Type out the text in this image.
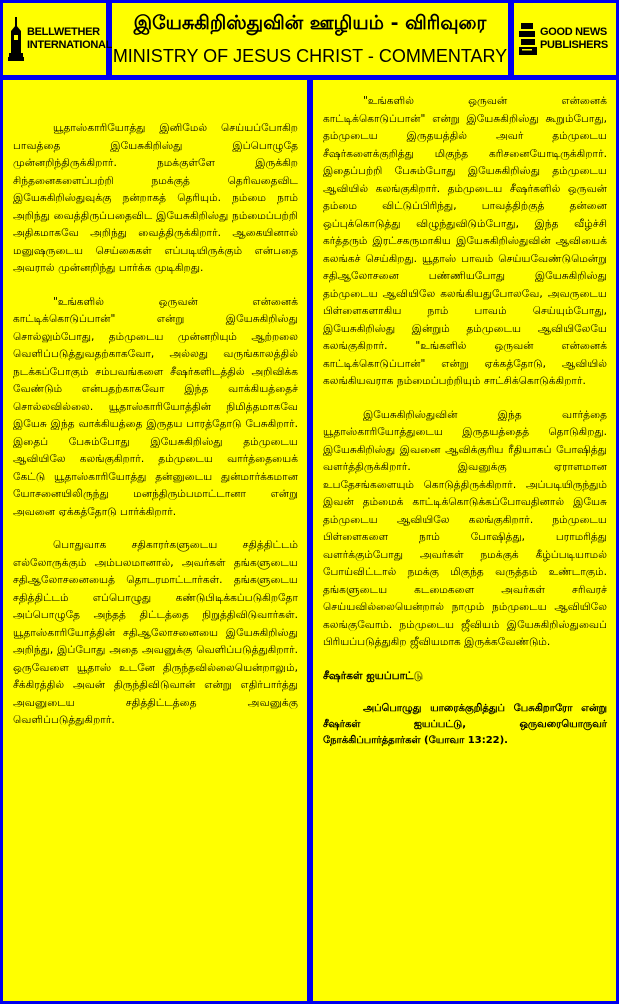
BELLWETHER
INTERNATIONAL
இயேசுகிறிஸ்துவின் ஊழியம் - விரிவுரை
MINISTRY OF JESUS CHRIST - COMMENTARY
GOOD NEWS
PUBLISHERS

யூதாஸ்காரியோத்து இனிமேல் செய்யப்போகிற பாவத்தை இயேசுகிறிஸ்து இப்பொழுதே முன்னறிந்திருக்கிறார். நமக்குள்ளே இருக்கிற சிந்தனைகளைப்பற்றி நமக்குத் தெரிவதைவிட இயேசுகிறிஸ்துவுக்கு நன்றாகத் தெரியும். நம்மை நாம் அறிந்து வைத்திருப்பதைவிட இயேசுகிறிஸ்து நம்மைப்பற்றி அதிகமாகவே அறிந்து வைத்திருக்கிறார். ஆகையினால் மனுஷருடைய செய்கைகள் எப்படியிருக்கும் என்பதை அவரால் முன்னறிந்து பார்க்க முடிகிறது.

"உங்களில் ஒருவன் என்னைக் காட்டிக்கொடுப்பான்" என்று இயேசுகிறிஸ்து சொல்லும்போது, தம்முடைய முன்னறியும் ஆற்றலை வெளிப்படுத்துவதற்காகவோ, அல்லது வருங்காலத்தில் நடக்கப்போகும் சம்பவங்களை சீஷர்களிடத்தில் அறிவிக்க வேண்டும் என்பதற்காகவோ இந்த வாக்கியத்தைச் சொல்லவில்லை. யூதாஸ்காரியோத்தின் நிமித்தமாகவே இயேசு இந்த வாக்கியத்தை இருதய பாரத்தோடு பேசுகிறார். இதைப் பேசும்போது இயேசுகிறிஸ்து தம்முடைய ஆவியிலே கலங்குகிறார். தம்முடைய வார்த்தையைக் கேட்டு யூதாஸ்காரியோத்து தன்னுடைய துன்மார்க்கமான யோசனையிலிருந்து மனந்திரும்பமாட்டானா என்று அவனை ஏக்கத்தோடு பார்க்கிறார்.

பொதுவாக சதிகாரர்களுடைய சதித்திட்டம் எல்லோருக்கும் அம்பலமானால், அவர்கள் தங்களுடைய சதிஆலோசனையைத் தொடரமாட்டார்கள். தங்களுடைய சதித்திட்டம் எப்பொழுது கண்டுபிடிக்கப்படுகிறதோ அப்பொழுதே அந்தத் திட்டத்தை நிறுத்திவிடுவார்கள். யூதாஸ்காரியோத்தின் சதிஆலோசனையை இயேசுகிறிஸ்து அறிந்து, இப்போது அதை அவனுக்கு வெளிப்படுத்துகிறார். ஒருவேளை யூதாஸ் உடனே திருந்தவில்லையென்றாலும், சீக்கிரத்தில் அவன் திருந்திவிடுவான் என்று எதிர்பார்த்து அவனுடைய சதித்திட்டத்தை அவனுக்கு வெளிப்படுத்துகிறார்.

"உங்களில் ஒருவன் என்னைக் காட்டிக்கொடுப்பான்" என்று இயேசுகிறிஸ்து கூறும்போது, தம்முடைய இருதயத்தில் அவர் தம்முடைய சீஷர்களைக்குறித்து மிகுந்த கரிசனையோடிருக்கிறார். இதைப்பற்றி பேசும்போது இயேசுகிறிஸ்து தம்முடைய ஆவியில் கலங்குகிறார். தம்முடைய சீஷர்களில் ஒருவன் தம்மை விட்டுப்பிரிந்து, பாவத்திற்குத் தன்னை ஒப்புக்கொடுத்து விழுந்துவிடும்போது, இந்த வீழ்ச்சி கர்த்தரும் இரட்சகருமாகிய இயேசுகிறிஸ்துவின் ஆவியைக் கலங்கச் செய்கிறது. யூதாஸ் பாவம் செய்யவேண்டுமென்று சதிஆலோசனை பண்ணியபோது இயேசுகிறிஸ்து தம்முடைய ஆவியிலே கலங்கியதுபோலவே, அவருடைய பிள்ளைகளாகிய நாம் பாவம் செய்யும்போது, இயேசுகிறிஸ்து இன்றும் தம்முடைய ஆவியிலேயே கலங்குகிறார். "உங்களில் ஒருவன் என்னைக் காட்டிக்கொடுப்பான்" என்று ஏக்கத்தோடு, ஆவியில் கலங்கியவராக நம்மைப்பற்றியும் சாட்சிக்கொடுக்கிறார்.

இயேசுகிறிஸ்துவின் இந்த வார்த்தை யூதாஸ்காரியோத்துடைய இருதயத்தைத் தொடுகிறது. இயேசுகிறிஸ்து இவனை ஆவிக்குரிய ரீதியாகப் போஷித்து வளர்த்திருக்கிறார். இவனுக்கு ஏராளமான உபதேசங்களையும் கொடுத்திருக்கிறார். அப்படியிருந்தும் இவன் தம்மைக் காட்டிக்கொடுக்கப்போவதினால் இயேசு தம்முடைய ஆவியிலே கலங்குகிறார். நம்முடைய பிள்ளைகளை நாம் போஷித்து, பராமரித்து வளர்க்கும்போது அவர்கள் நமக்குக் கீழ்ப்படியாமல் போய்விட்டால் நமக்கு மிகுந்த வருத்தம் உண்டாகும். தங்களுடைய கடமைகளை அவர்கள் சரிவரச் செய்யவில்லையென்றால் நாமும் நம்முடைய ஆவியிலே கலங்குவோம். நம்முடைய ஜீவியம் இயேசுகிறிஸ்துவைப் பிரியப்படுத்துகிற ஜீவியமாக இருக்கவேண்டும்.

சீஷர்கள் ஐயப்பாட்டு

அப்பொழுது யாரைக்குறித்துப் பேசுகிறாரோ என்று சீஷர்கள் ஐயப்பட்டு, ஒருவரையொருவர் நோக்கிப்பார்த்தார்கள் (யோவா 13:22).
